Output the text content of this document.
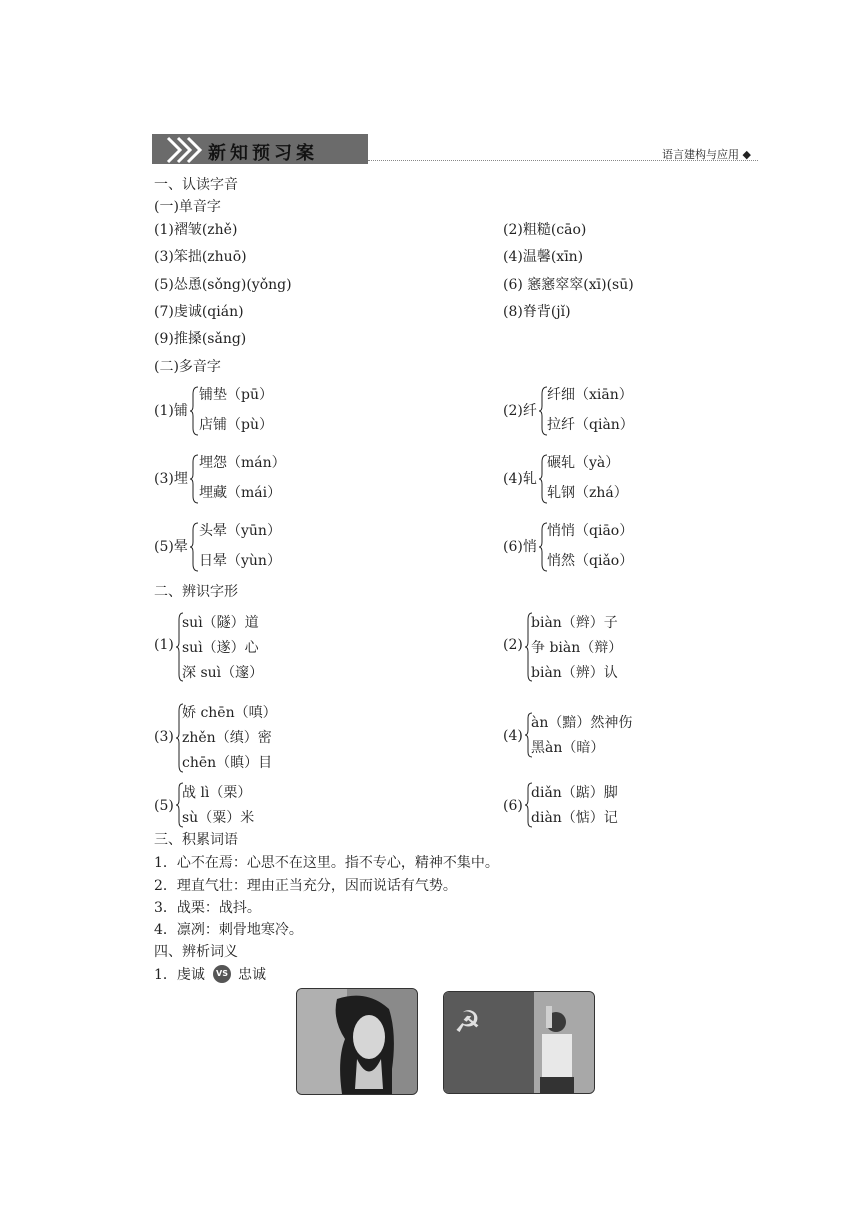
新知预习案	语言建构与应用 ◆
一、认读字音
(一)单音字
(1)褶皱(zhě)	(2)粗糙(cāo)
(3)笨拙(zhuō)	(4)温馨(xīn)
(5)怂恿(sǒng)(yǒng)	(6) 窸窸窣窣(xī)(sū)
(7)虔诚(qián)	(8)脊背(jǐ)
(9)推搡(sǎng)
(二)多音字
(1)铺
铺垫（pū）
店铺（pù）
(2)纤
纤细（xiān）
拉纤（qiàn）
(3)埋
埋怨（mán）
埋藏（mái）
(4)轧
碾轧（yà）
轧钢（zhá）
(5)晕
头晕（yūn）
日晕（yùn）
(6)悄
悄悄（qiāo）
悄然（qiǎo）
二、辨识字形
(1)
suì（隧）道
suì（遂）心
深 suì（邃）
(2)
biàn（辫）子
争 biàn（辩）
biàn（辨）认
(3)
娇 chēn（嗔）
zhěn（缜）密
chēn（瞋）目
(4)
àn（黯）然神伤
黑àn（暗）
(5)
战 lì（栗）
sù（粟）米
(6)
diǎn（踮）脚
diàn（惦）记
三、积累词语
1．心不在焉：心思不在这里。指不专心，精神不集中。
2．理直气壮：理由正当充分，因而说话有气势。
3．战栗：战抖。
4．凛冽：刺骨地寒冷。
四、辨析词义
1．虔诚	VS 忠诚
☭
